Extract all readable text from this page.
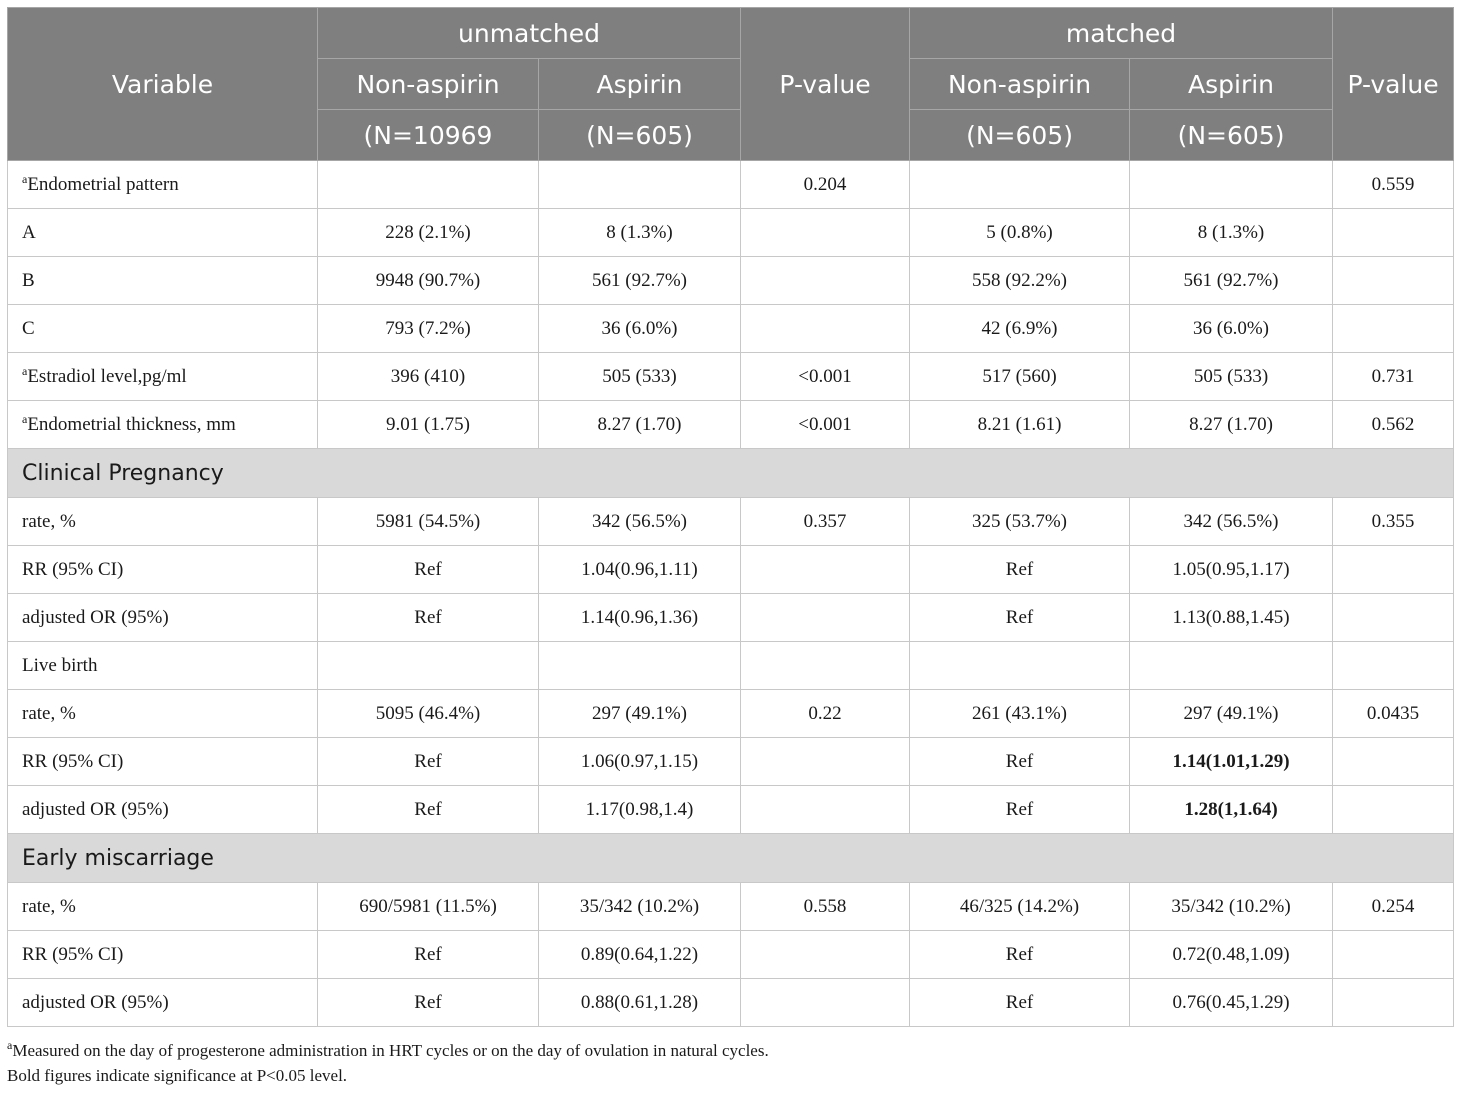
Variable	unmatched		P-value	matched		P-value
	Non-aspirin	Aspirin		Non-aspirin	Aspirin	
	(N=10969	(N=605)		(N=605)	(N=605)	
$^a$Endometrial pattern			0.204			0.559
A	228 (2.1%)	8 (1.3%)		5 (0.8%)	8 (1.3%)	
B	9948 (90.7%)	561 (92.7%)		558 (92.2%)	561 (92.7%)	
C	793 (7.2%)	36 (6.0%)		42 (6.9%)	36 (6.0%)	
$^a$Estradiol level,pg/ml	396 (410)	505 (533)	<0.001	517 (560)	505 (533)	0.731
$^a$Endometrial thickness, mm	9.01 (1.75)	8.27 (1.70)	<0.001	8.21 (1.61)	8.27 (1.70)	0.562
Clinical Pregnancy						
rate, %	5981 (54.5%)	342 (56.5%)	0.357	325 (53.7%)	342 (56.5%)	0.355
RR (95% CI)	Ref	1.04(0.96,1.11)		Ref	1.05(0.95,1.17)	
adjusted OR (95%)	Ref	1.14(0.96,1.36)		Ref	1.13(0.88,1.45)	
Live birth						
rate, %	5095 (46.4%)	297 (49.1%)	0.22	261 (43.1%)	297 (49.1%)	0.0435
RR (95% CI)	Ref	1.06(0.97,1.15)		Ref	1.14(1.01,1.29)	
adjusted OR (95%)	Ref	1.17(0.98,1.4)		Ref	1.28(1,1.64)	
Early miscarriage						
rate, %	690/5981 (11.5%)	35/342 (10.2%)	0.558	46/325 (14.2%)	35/342 (10.2%)	0.254
RR (95% CI)	Ref	0.89(0.64,1.22)		Ref	0.72(0.48,1.09)	
adjusted OR (95%)	Ref	0.88(0.61,1.28)		Ref	0.76(0.45,1.29)	
$^a$Measured on the day of progesterone administration in HRT cycles or on the day of ovulation in natural cycles.
Bold figures indicate significance at P<0.05 level.
